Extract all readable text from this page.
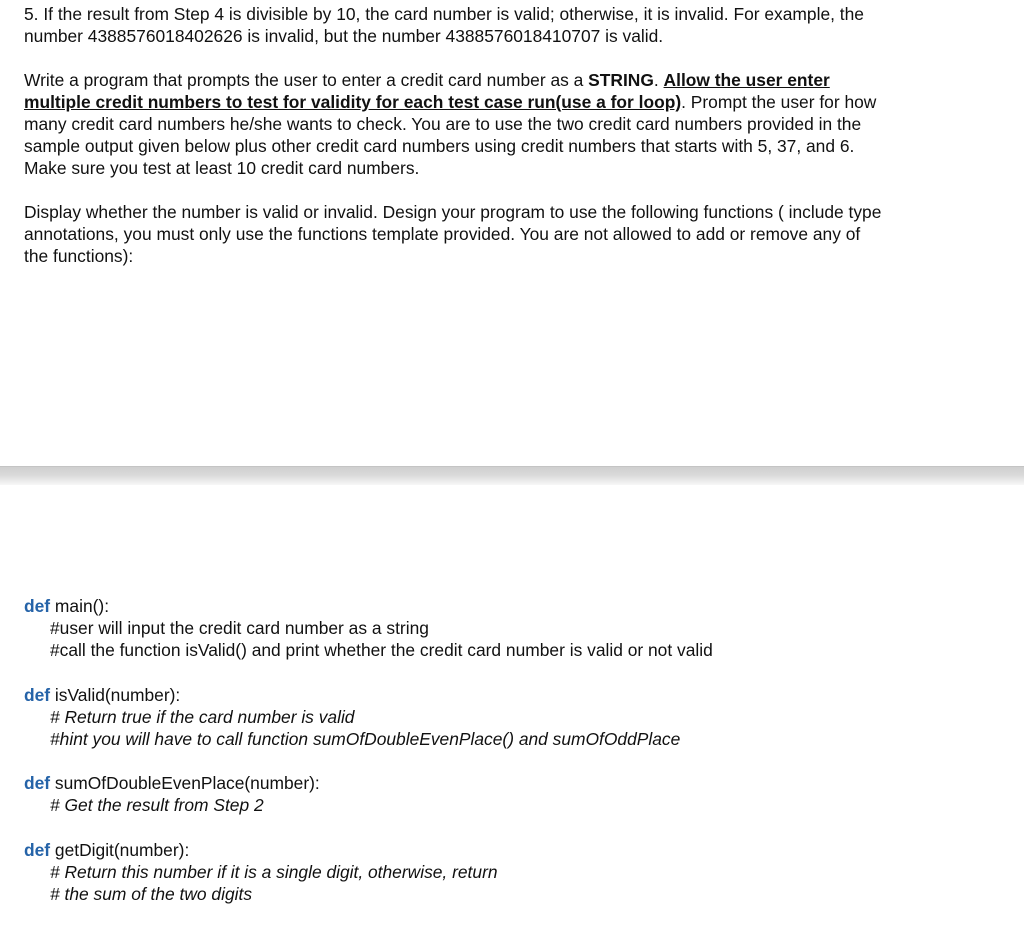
5. If the result from Step 4 is divisible by 10, the card number is valid; otherwise, it is invalid. For example, the

number 4388576018402626 is invalid, but the number 4388576018410707 is valid.

Write a program that prompts the user to enter a credit card number as a STRING. Allow the user enter

multiple credit numbers to test for validity for each test case run(use a for loop). Prompt the user for how

many credit card numbers he/she wants to check. You are to use the two credit card numbers provided in the

sample output given below plus other credit card numbers using credit numbers that starts with 5, 37, and 6.

Make sure you test at least 10 credit card numbers.

Display whether the number is valid or invalid. Design your program to use the following functions ( include type

annotations, you must only use the functions template provided. You are not allowed to add or remove any of

the functions):

def main():
#user will input the credit card number as a string
#call the function isValid() and print whether the credit card number is valid or not valid
def isValid(number):
# Return true if the card number is valid
#hint you will have to call function sumOfDoubleEvenPlace() and sumOfOddPlace
def sumOfDoubleEvenPlace(number):
# Get the result from Step 2
def getDigit(number):
# Return this number if it is a single digit, otherwise, return
# the sum of the two digits
